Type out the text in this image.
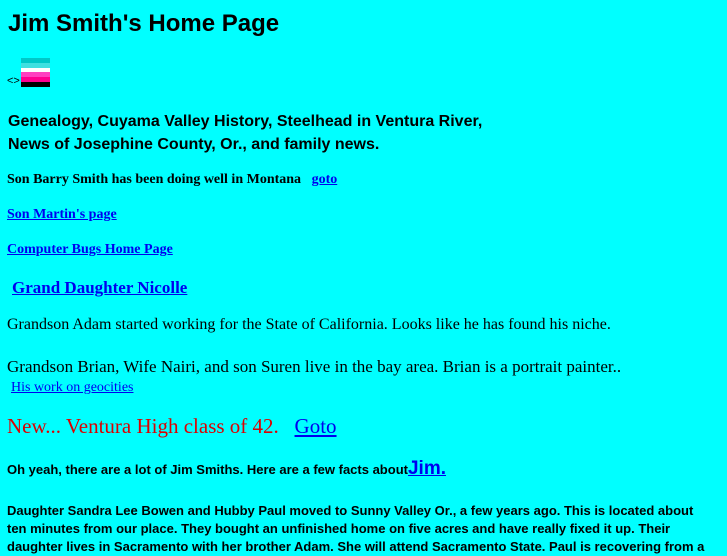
Jim Smith's Home Page
<>
Genealogy, Cuyama Valley History, Steelhead in Ventura River,
News of Josephine County, Or., and family news.

Son Barry Smith has been doing well in Montana goto

Son Martin's page

Computer Bugs Home Page

Grand Daughter Nicolle

Grandson Adam started working for the State of California. Looks like he has found his niche.

Grandson Brian, Wife Nairi, and son Suren live in the bay area. Brian is a portrait painter..

His work on geocities

New... Ventura High class of 42. Goto

Oh yeah, there are a lot of Jim Smiths. Here are a few facts aboutJim.

Daughter Sandra Lee Bowen and Hubby Paul moved to Sunny Valley Or., a few years ago. This is located about
ten minutes from our place. They bought an unfinished home on five acres and have really fixed it up. Their
daughter lives in Sacramento with her brother Adam. She will attend Sacramento State. Paul is recovering from a
